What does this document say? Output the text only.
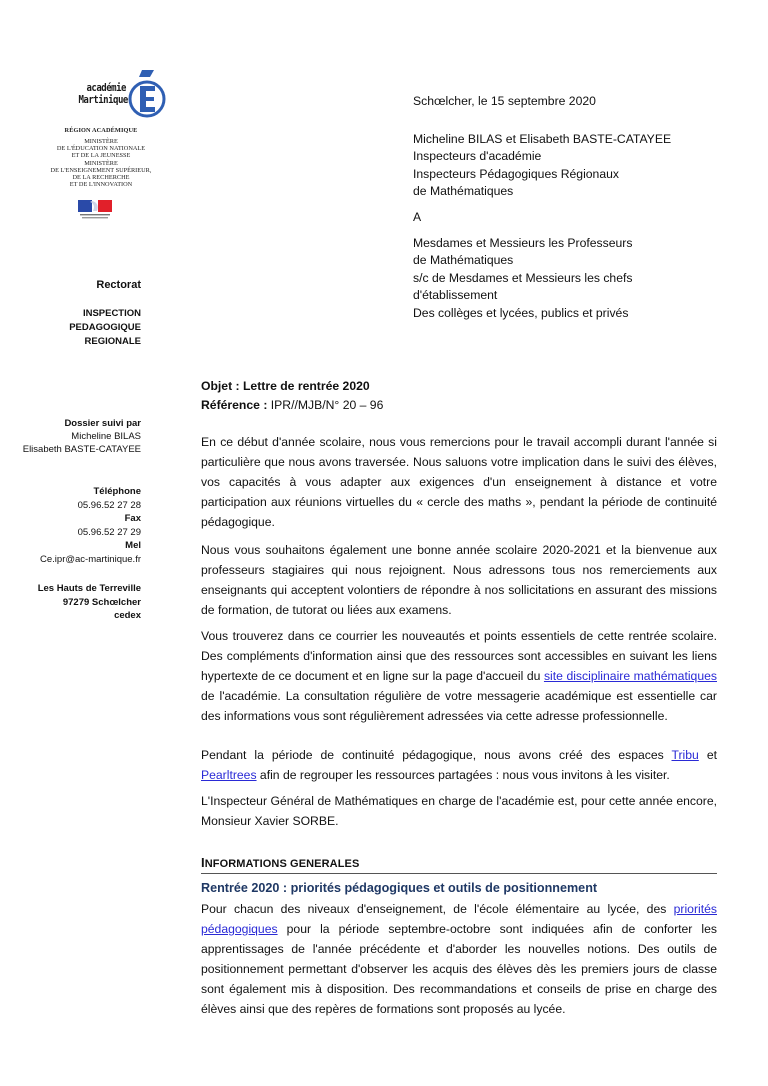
académie
Martinique
RÉGION ACADÉMIQUE
MINISTÈRE
DE L'ÉDUCATION NATIONALE
ET DE LA JEUNESSE
MINISTÈRE
DE L'ENSEIGNEMENT SUPÉRIEUR,
DE LA RECHERCHE
ET DE L'INNOVATION
Rectorat
INSPECTION
PEDAGOGIQUE
REGIONALE
Dossier suivi par
Micheline BILAS
Elisabeth BASTE-CATAYEE
Téléphone
05.96.52 27 28
Fax
05.96.52 27 29
Mel
Ce.ipr@ac-martinique.fr
Les Hauts de Terreville
97279 Schœlcher
cedex
Schœlcher, le 15 septembre 2020
Micheline BILAS et Elisabeth BASTE-CATAYEE
Inspecteurs d'académie
Inspecteurs Pédagogiques Régionaux
de Mathématiques
A
Mesdames et Messieurs les Professeurs
de Mathématiques
s/c de Mesdames et Messieurs les chefs
d'établissement
Des collèges et lycées, publics et privés
Objet : Lettre de rentrée 2020
Référence : IPR//MJB/N° 20 – 96

En ce début d'année scolaire, nous vous remercions pour le travail accompli durant l'année si particulière que nous avons traversée. Nous saluons votre implication dans le suivi des élèves, vos capacités à vous adapter aux exigences d'un enseignement à distance et votre participation aux réunions virtuelles du « cercle des maths », pendant la période de continuité pédagogique.

Nous vous souhaitons également une bonne année scolaire 2020-2021 et la bienvenue aux professeurs stagiaires qui nous rejoignent. Nous adressons tous nos remerciements aux enseignants qui acceptent volontiers de répondre à nos sollicitations en assurant des missions de formation, de tutorat ou liées aux examens.

Vous trouverez dans ce courrier les nouveautés et points essentiels de cette rentrée scolaire. Des compléments d'information ainsi que des ressources sont accessibles en suivant les liens hypertexte de ce document et en ligne sur la page d'accueil du site disciplinaire mathématiques de l'académie. La consultation régulière de votre messagerie académique est essentielle car des informations vous sont régulièrement adressées via cette adresse professionnelle.

Pendant la période de continuité pédagogique, nous avons créé des espaces Tribu et Pearltrees afin de regrouper les ressources partagées : nous vous invitons à les visiter.

L'Inspecteur Général de Mathématiques en charge de l'académie est, pour cette année encore, Monsieur Xavier SORBE.

INFORMATIONS GENERALES
Rentrée 2020 : priorités pédagogiques et outils de positionnement

Pour chacun des niveaux d'enseignement, de l'école élémentaire au lycée, des priorités pédagogiques pour la période septembre-octobre sont indiquées afin de conforter les apprentissages de l'année précédente et d'aborder les nouvelles notions. Des outils de positionnement permettant d'observer les acquis des élèves dès les premiers jours de classe sont également mis à disposition. Des recommandations et conseils de prise en charge des élèves ainsi que des repères de formations sont proposés au lycée.
